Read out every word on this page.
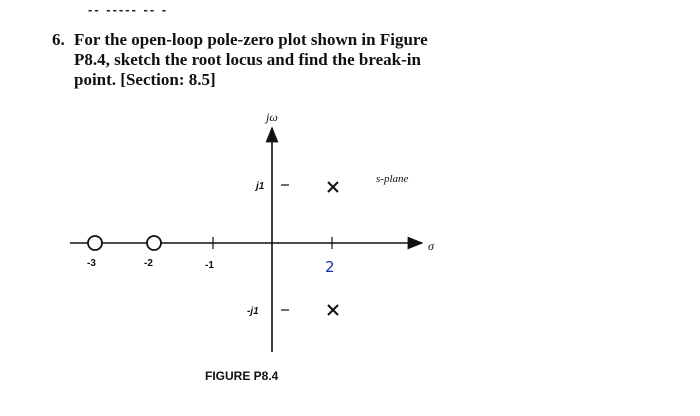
-- ----- -- -
6. For the open-loop pole-zero plot shown in Figure
P8.4, sketch the root locus and find the break-in
point. [Section: 8.5]
jω
σ
s-plane
j1
-j1
-3	-2	-1	2
FIGURE P8.4
